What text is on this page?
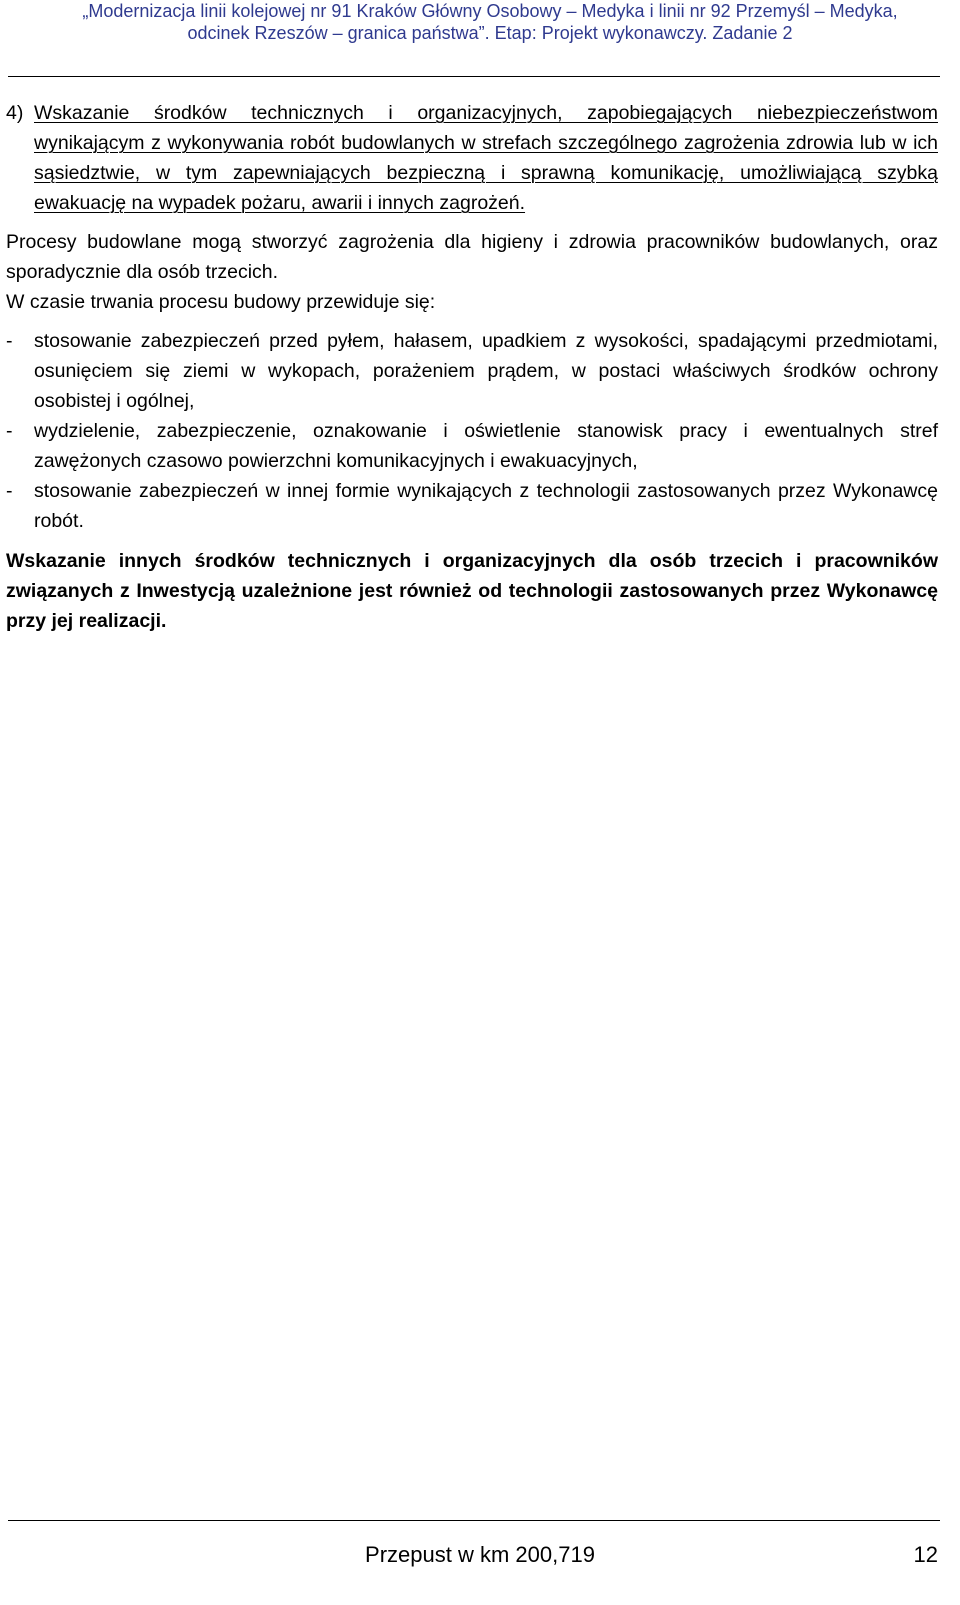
„Modernizacja linii kolejowej nr 91 Kraków Główny Osobowy – Medyka i linii nr 92 Przemyśl – Medyka,
odcinek Rzeszów – granica państwa”. Etap: Projekt wykonawczy. Zadanie 2
4) Wskazanie środków technicznych i organizacyjnych, zapobiegających niebezpieczeństwom wynikającym z wykonywania robót budowlanych w strefach szczególnego zagrożenia zdrowia lub w ich sąsiedztwie, w tym zapewniających bezpieczną i sprawną komunikację, umożliwiającą szybką ewakuację na wypadek pożaru, awarii i innych zagrożeń.

Procesy budowlane mogą stworzyć zagrożenia dla higieny i zdrowia pracowników budowlanych, oraz sporadycznie dla osób trzecich.

W czasie trwania procesu budowy przewiduje się:

-	stosowanie zabezpieczeń przed pyłem, hałasem, upadkiem z wysokości, spadającymi przedmiotami, osunięciem się ziemi w wykopach, porażeniem prądem, w postaci właściwych środków ochrony osobistej i ogólnej,
-	wydzielenie, zabezpieczenie, oznakowanie i oświetlenie stanowisk pracy i ewentualnych stref zawężonych czasowo powierzchni komunikacyjnych i ewakuacyjnych,
-	stosowanie zabezpieczeń w innej formie wynikających z technologii zastosowanych przez Wykonawcę robót.

Wskazanie innych środków technicznych i organizacyjnych dla osób trzecich i pracowników związanych z Inwestycją uzależnione jest również od technologii zastosowanych przez Wykonawcę przy jej realizacji.

Przepust w km 200,719	12
